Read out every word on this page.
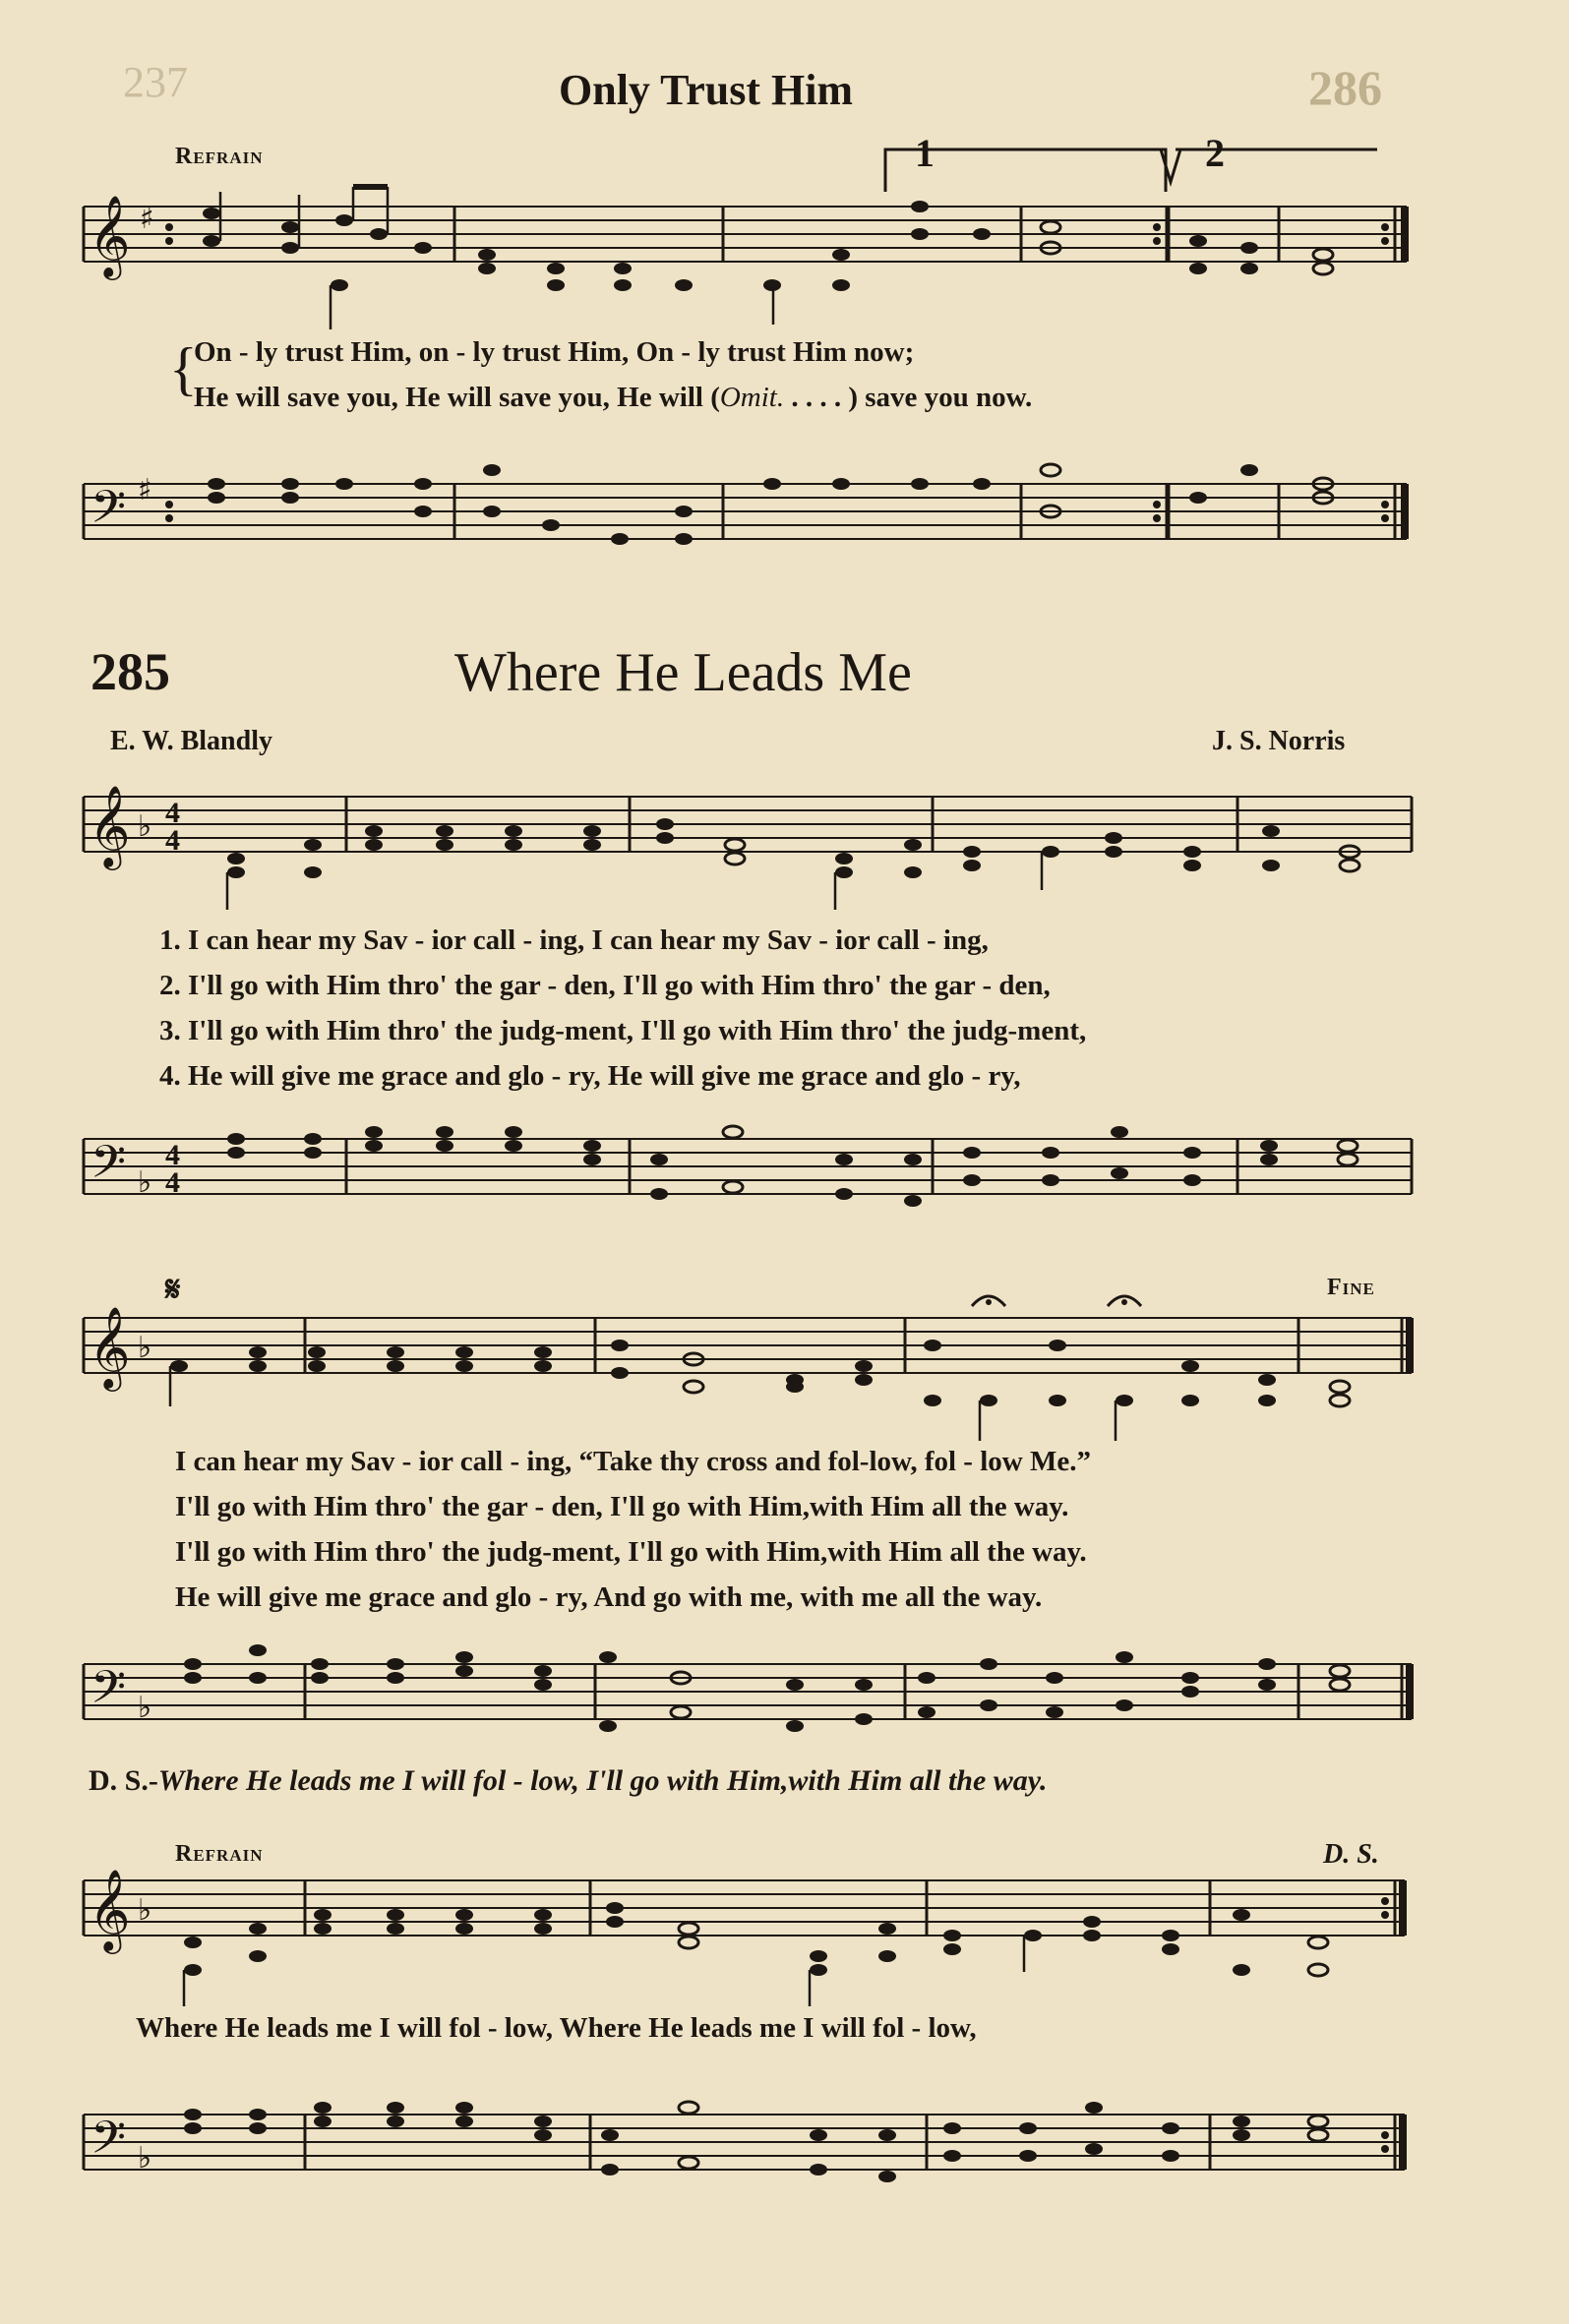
237	286
Only Trust Him
Refrain	1	2
𝄞 ♯
On - ly trust Him, on - ly trust Him, On - ly trust Him now;
He will save you, He will save you, He will (Omit. . . . . ) save you now.
{
𝄢 ♯
285	Where He Leads Me
E. W. Blandly	J. S. Norris
𝄞 ♭ 4
4
1. I can hear my Sav - ior call - ing, I can hear my Sav - ior call - ing,
2. I'll go with Him thro' the gar - den, I'll go with Him thro' the gar - den,
3. I'll go with Him thro' the judg-ment, I'll go with Him thro' the judg-ment,
4. He will give me grace and glo - ry, He will give me grace and glo - ry,
𝄢 ♭
4
4
𝄋	Fine
𝄞 ♭
I can hear my Sav - ior call - ing, “Take thy cross and fol-low, fol - low Me.”
I'll go with Him thro' the gar - den, I'll go with Him,with Him all the way.
I'll go with Him thro' the judg-ment, I'll go with Him,with Him all the way.
He will give me grace and glo - ry, And go with me, with me all the way.
𝄢 ♭
D. S.-Where He leads me I will fol - low, I'll go with Him,with Him all the way.
Refrain	D. S.
𝄞 ♭
Where He leads me I will fol - low, Where He leads me I will fol - low,
𝄢 ♭
